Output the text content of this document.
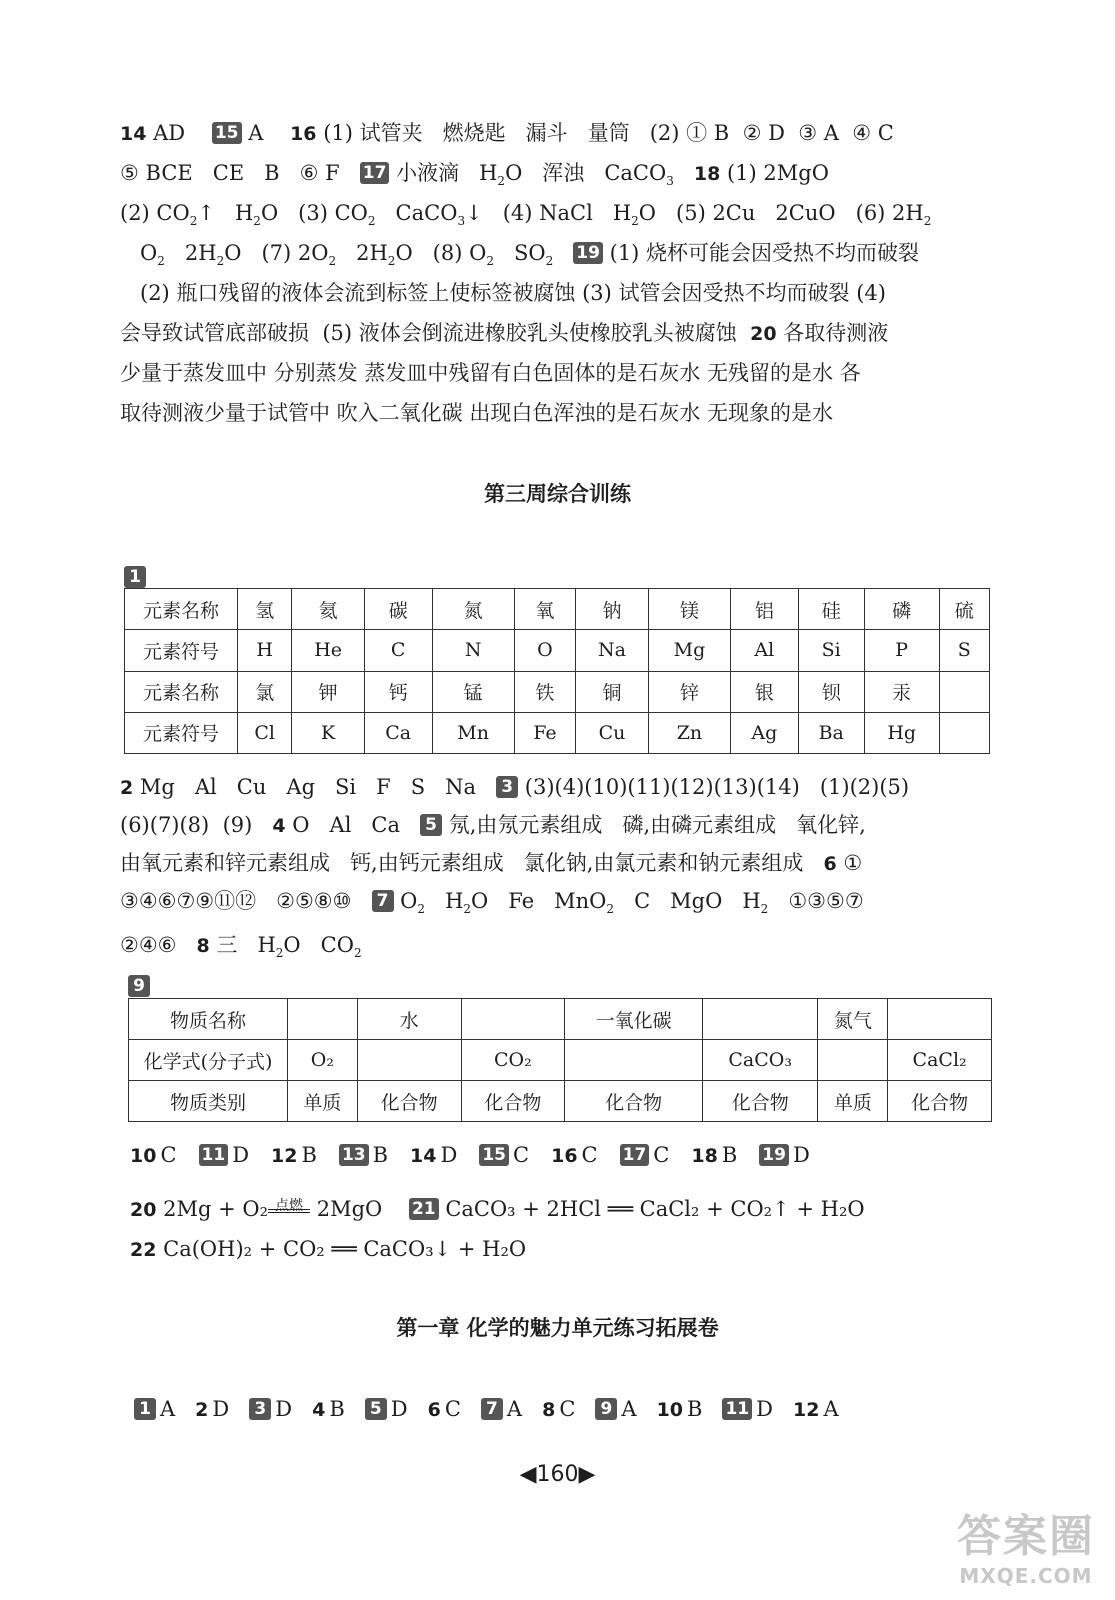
14 AD    15 A    16 (1) 试管夹   燃烧匙   漏斗   量筒   (2) ① B  ② D  ③ A  ④ C
⑤ BCE   CE   B   ⑥ F   17 小液滴   $H_2O$   浑浊   CaCO$_3$ 18 (1) 2MgO
(2) $CO_2↑$   $H_2O$   (3) $CO_2$   CaCO$_3$↓   (4) NaCl   $H_2O$   (5) 2Cu   2CuO   (6) $2H_2$
$O_2$   $2H_2O$   (7) $2O_2$   $2H_2O$   (8) $O_2$   $SO_2$ 19 (1) 烧杯可能会因受热不均而破裂
(2) 瓶口残留的液体会流到标签上使标签被腐蚀 (3) 试管会因受热不均而破裂 (4)
会导致试管底部破损  (5) 液体会倒流进橡胶乳头使橡胶乳头被腐蚀  20 各取待测液
少量于蒸发皿中 分别蒸发 蒸发皿中残留有白色固体的是石灰水 无残留的是水 各
取待测液少量于试管中 吹入二氧化碳 出现白色浑浊的是石灰水 无现象的是水
第三周综合训练
1
元素名称	氢	氦	碳	氮	氧	钠	镁	铝	硅	磷	硫
元素符号	H	He	C	N	O	Na	Mg	Al	Si	P	S
元素名称	氯	钾	钙	锰	铁	铜	锌	银	钡	汞	
元素符号	Cl	K	Ca	Mn	Fe	Cu	Zn	Ag	Ba	Hg	
2 Mg   Al   Cu   Ag   Si   F   S   Na   3 (3)(4)(10)(11)(12)(13)(14)   (1)(2)(5)
(6)(7)(8)  (9)   4 O   Al   Ca   5 氖,由氖元素组成   磷,由磷元素组成   氧化锌,
由氧元素和锌元素组成   钙,由钙元素组成   氯化钠,由氯元素和钠元素组成   6 ①
③④⑥⑦⑨⑪⑫   ②⑤⑧⑩   7 $O_2$   $H_2O$   Fe   MnO$_2$   C   MgO   $H_2$   ①③⑤⑦
②④⑥   8 三   $H_2O$   $CO_2$
9
物质名称		水		一氧化碳		氮气	
化学式(分子式)	O₂		CO₂		CaCO₃		CaCl₂
物质类别	单质	化合物	化合物	化合物	化合物	单质	化合物
10 C 11 D 12 B 13 B 14 D 15 C 16 C 17 C 18 B 19 D
20 2Mg + O₂ 点燃 2MgO 21 CaCO₃ + 2HCl ══ CaCl₂ + CO₂↑ + H₂O
22 Ca(OH)₂ + CO₂ ══ CaCO₃↓ + H₂O
第一章 化学的魅力单元练习拓展卷
1 A 2 D 3 D 4 B 5 D 6 C 7 A 8 C 9 A 10 B 11 D 12 A
◀160▶
答案圈
MXQE.COM
